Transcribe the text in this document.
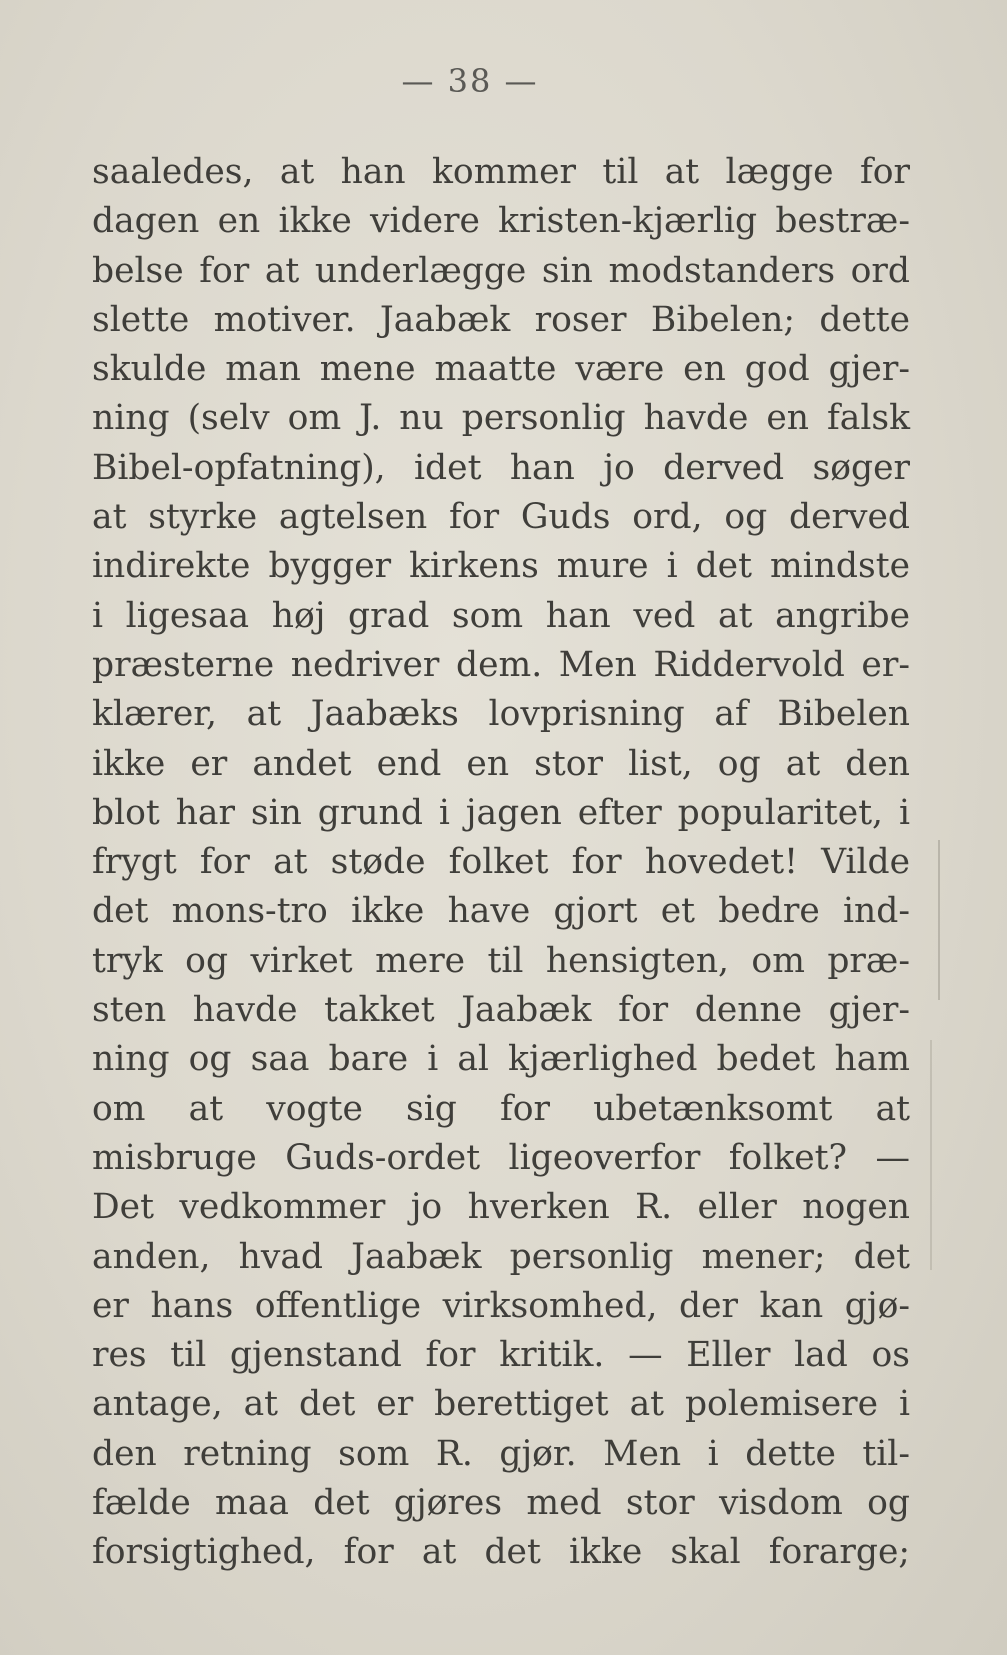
— 38 —
saaledes, at han kommer til at lægge for
dagen en ikke videre kristen-kjærlig bestræ-
belse for at underlægge sin modstanders ord
slette motiver. Jaabæk roser Bibelen; dette
skulde man mene maatte være en god gjer-
ning (selv om J. nu personlig havde en falsk
Bibel-opfatning), idet han jo derved søger
at styrke agtelsen for Guds ord, og derved
indirekte bygger kirkens mure i det mindste
i ligesaa høj grad som han ved at angribe
præsterne nedriver dem. Men Riddervold er-
klærer, at Jaabæks lovprisning af Bibelen
ikke er andet end en stor list, og at den
blot har sin grund i jagen efter popularitet, i
frygt for at støde folket for hovedet! Vilde
det mons-tro ikke have gjort et bedre ind-
tryk og virket mere til hensigten, om præ-
sten havde takket Jaabæk for denne gjer-
ning og saa bare i al kjærlighed bedet ham
om at vogte sig for ubetænksomt at
misbruge Guds-ordet ligeoverfor folket? —
Det vedkommer jo hverken R. eller nogen
anden, hvad Jaabæk personlig mener; det
er hans offentlige virksomhed, der kan gjø-
res til gjenstand for kritik. — Eller lad os
antage, at det er berettiget at polemisere i
den retning som R. gjør. Men i dette til-
fælde maa det gjøres med stor visdom og
forsigtighed, for at det ikke skal forarge;
